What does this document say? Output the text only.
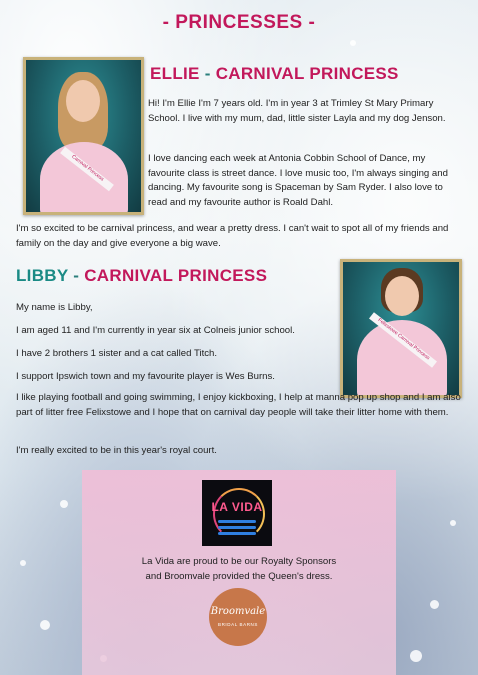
- PRINCESSES -
Carnival Princess
ELLIE - CARNIVAL PRINCESS

Hi! I'm Ellie I'm 7 years old. I'm in year 3 at Trimley St Mary Primary School. I live with my mum, dad, little sister Layla and my dog Jenson.

I love dancing each week at Antonia Cobbin School of Dance, my favourite class is street dance. I love music too, I'm always singing and dancing. My favourite song is Spaceman by Sam Ryder. I also love to read and my favourite author is Roald Dahl.

I'm so excited to be carnival princess, and wear a pretty dress. I can't wait to spot all of my friends and family on the day and give everyone a big wave.

LIBBY - CARNIVAL PRINCESS
Felixstowe Carnival Princess

My name is Libby,

I am aged 11 and I'm currently in year six at Colneis junior school.

I have 2 brothers 1 sister and a cat called Titch.

I support Ipswich town and my favourite player is Wes Burns.

I like playing football and going swimming, I enjoy kickboxing, I help at manna pop up shop and I am also part of litter free Felixstowe and I hope that on carnival day people will take their litter home with them.

I'm really excited to be in this year's royal court.

LA VIDA

La Vida are proud to be our Royalty Sponsors
and Broomvale provided the Queen's dress.

Broomvale
BRIDAL BARNS
